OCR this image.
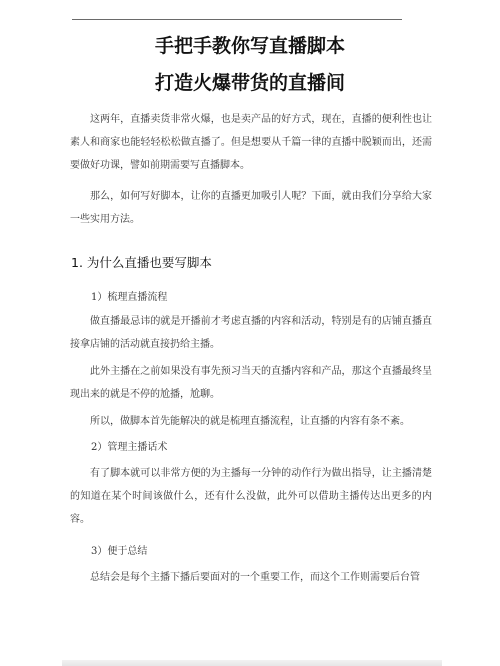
手把手教你写直播脚本
打造火爆带货的直播间

这两年，直播卖货非常火爆，也是卖产品的好方式，现在，直播的便利性也让素人和商家也能轻轻松松做直播了。但是想要从千篇一律的直播中脱颖而出，还需要做好功课，譬如前期需要写直播脚本。

那么，如何写好脚本，让你的直播更加吸引人呢？下面，就由我们分享给大家一些实用方法。

1. 为什么直播也要写脚本
1）梳理直播流程

做直播最忌讳的就是开播前才考虑直播的内容和活动，特别是有的店铺直播直接拿店铺的活动就直接扔给主播。

此外主播在之前如果没有事先预习当天的直播内容和产品，那这个直播最终呈现出来的就是不停的尬播，尬聊。

所以，做脚本首先能解决的就是梳理直播流程，让直播的内容有条不紊。

2）管理主播话术

有了脚本就可以非常方便的为主播每一分钟的动作行为做出指导，让主播清楚的知道在某个时间该做什么，还有什么没做，此外可以借助主播传达出更多的内容。

3）便于总结

总结会是每个主播下播后要面对的一个重要工作，而这个工作则需要后台管
